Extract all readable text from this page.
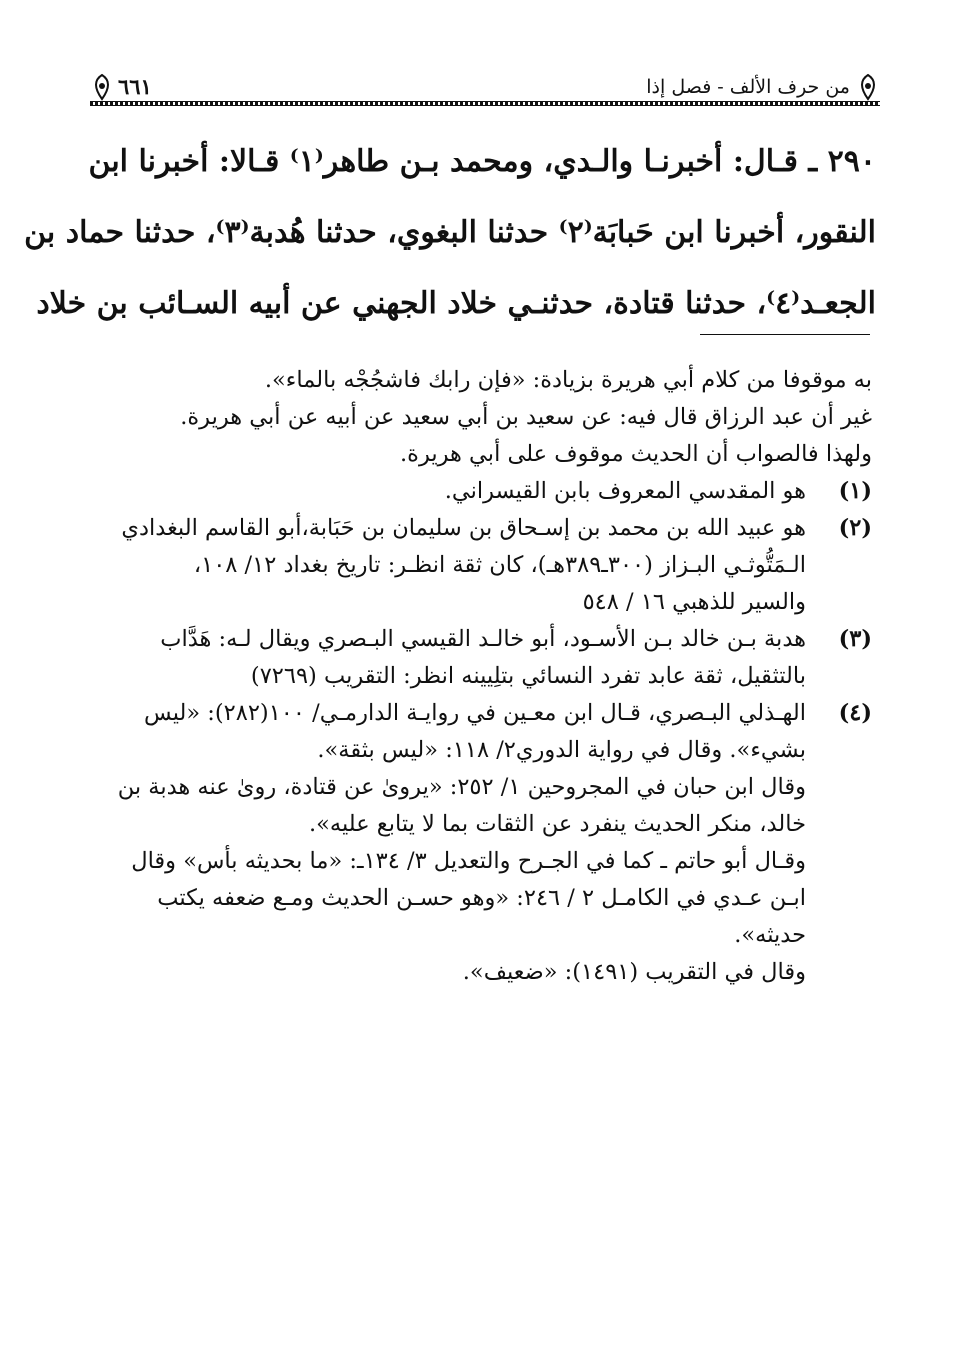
من حرف الألف - فصل إذا
٦٦١
٢٩٠ ـ قـال: أخبرنـا والـدي، ومحمد بـن طاهر⁽١⁾ قـالا: أخبرنا ابن
النقور، أخبرنا ابن حَبابَة⁽٢⁾ حدثنا البغوي، حدثنا هُدبة⁽٣⁾، حدثنا حماد بن
الجعـد⁽٤⁾، حدثنا قتادة، حدثنـي خلاد الجهني عن أبيه السـائب بن خلاد
به موقوفا من كلام أبي هريرة بزيادة: «فإن رابك فاشجُجْه بالماء».
غير أن عبد الرزاق قال فيه: عن سعيد بن أبي سعيد عن أبيه عن أبي هريرة.
ولهذا فالصواب أن الحديث موقوف على أبي هريرة.
(١)
هو المقدسي المعروف بابن القيسراني.
(٢)
هو عبيد الله بن محمد بن إسـحاق بن سليمان بن حَبَابة،أبو القاسم البغدادي
الـمَتُّوثـي البـزاز (٣٠٠ـ٣٨٩هـ)، كان ثقة انظـر: تاريخ بغداد ١٢/ ١٠٨،
والسير للذهبي ١٦ / ٥٤٨
(٣)
هدبة بـن خالد بـن الأسـود، أبو خالـد القيسي البـصري ويقال لـه: هَدَّاب
بالتثقيل، ثقة عابد تفرد النسائي بتلِيينه انظر: التقريب (٧٢٦٩)
(٤)
الهـذلي البـصري، قـال ابن معـين في روايـة الدارمـي/ ١٠٠(٢٨٢): «ليس
بشيء». وقال في رواية الدوري٢/ ١١٨: «ليس بثقة».
وقال ابن حبان في المجروحين ١/ ٢٥٢: «يروىٰ عن قتادة، روىٰ عنه هدبة بن
خالد، منكر الحديث ينفرد عن الثقات بما لا يتابع عليه».
وقـال أبو حاتم ـ كما في الجـرح والتعديل ٣/ ١٣٤ـ: «ما بحديثه بأس» وقال
ابـن عـدي في الكامـل ٢ / ٢٤٦: «وهو حسـن الحديث ومـع ضعفه يكتب
حديثه».
وقال في التقريب (١٤٩١): «ضعيف».
